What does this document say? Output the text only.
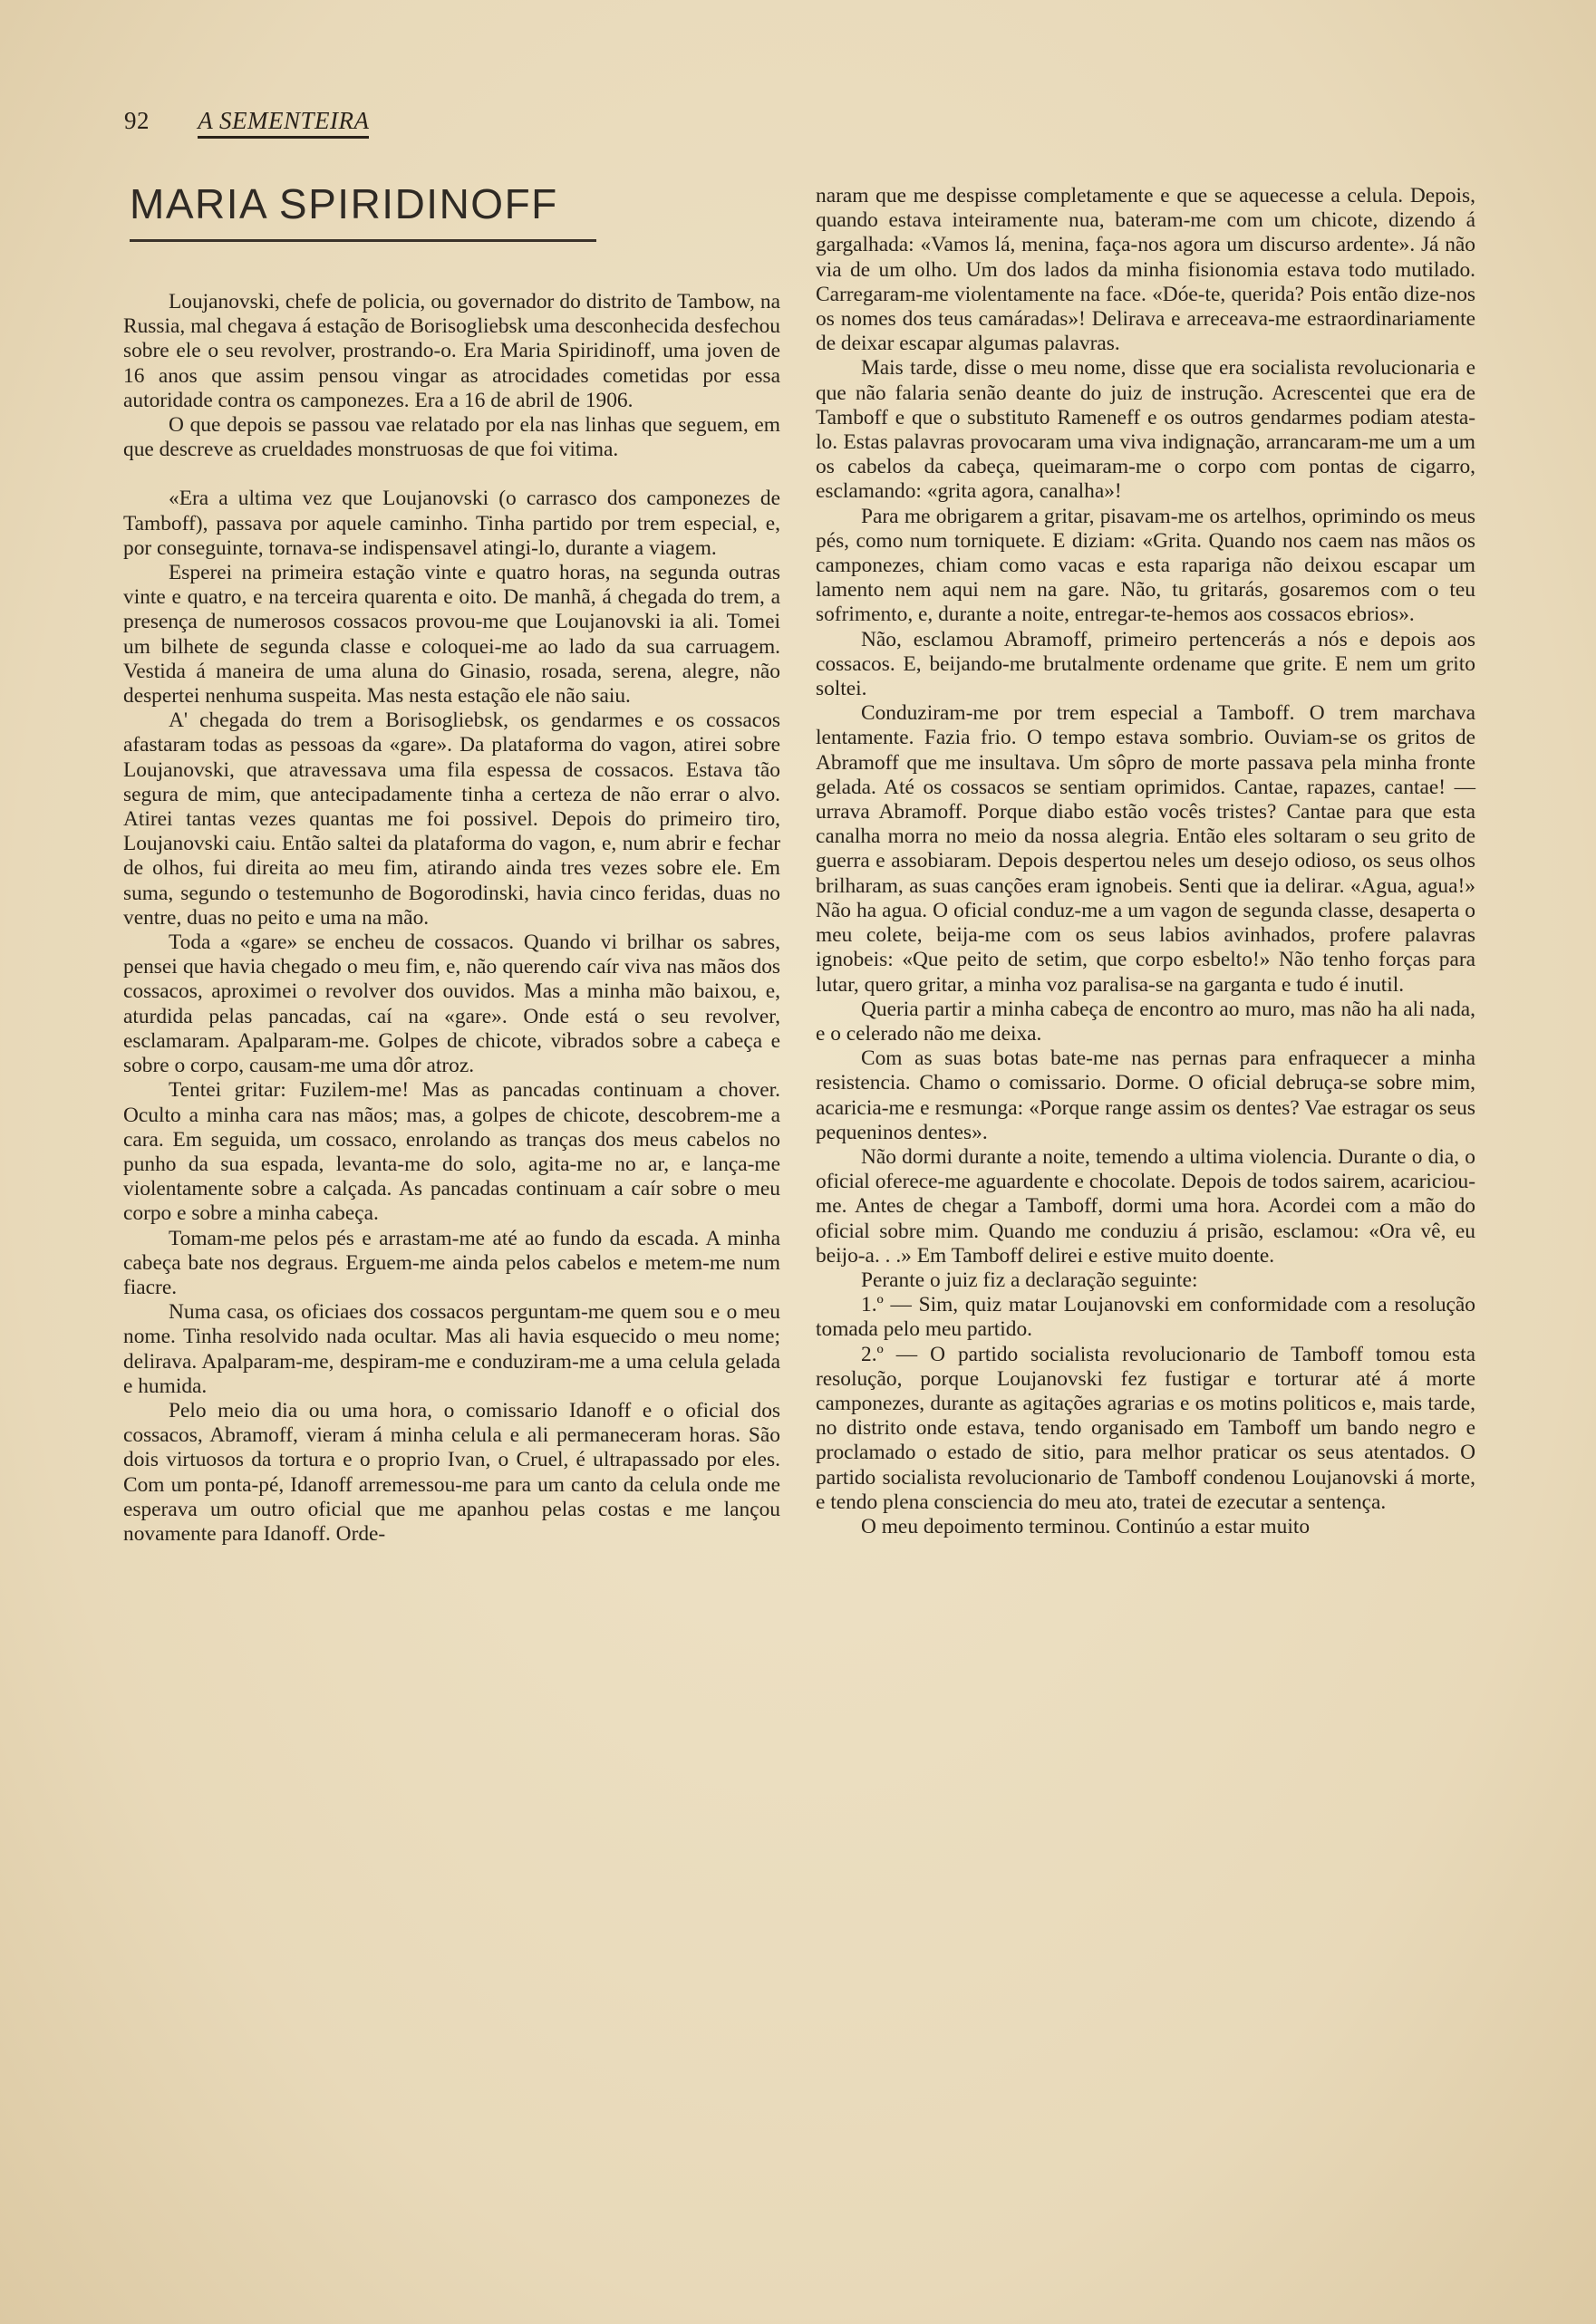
92 A SEMENTEIRA
MARIA SPIRIDINOFF

Loujanovski, chefe de policia, ou governador do distrito de Tambow, na Russia, mal chegava á estação de Borisogliebsk uma desconhecida desfechou sobre ele o seu revolver, prostrando-o. Era Maria Spiridinoff, uma joven de 16 anos que assim pensou vingar as atrocidades cometidas por essa autoridade contra os camponezes. Era a 16 de abril de 1906.

O que depois se passou vae relatado por ela nas linhas que seguem, em que descreve as crueldades monstruosas de que foi vitima.

«Era a ultima vez que Loujanovski (o carrasco dos camponezes de Tamboff), passava por aquele caminho. Tinha partido por trem especial, e, por conseguinte, tornava-se indispensavel atingi-lo, durante a viagem.

Esperei na primeira estação vinte e quatro horas, na segunda outras vinte e quatro, e na terceira quarenta e oito. De manhã, á chegada do trem, a presença de numerosos cossacos provou-me que Loujanovski ia ali. Tomei um bilhete de segunda classe e coloquei-me ao lado da sua carruagem. Vestida á maneira de uma aluna do Ginasio, rosada, serena, alegre, não despertei nenhuma suspeita. Mas nesta estação ele não saiu.

A' chegada do trem a Borisogliebsk, os gendarmes e os cossacos afastaram todas as pessoas da «gare». Da plataforma do vagon, atirei sobre Loujanovski, que atravessava uma fila espessa de cossacos. Estava tão segura de mim, que antecipadamente tinha a certeza de não errar o alvo. Atirei tantas vezes quantas me foi possivel. Depois do primeiro tiro, Loujanovski caiu. Então saltei da plataforma do vagon, e, num abrir e fechar de olhos, fui direita ao meu fim, atirando ainda tres vezes sobre ele. Em suma, segundo o testemunho de Bogorodinski, havia cinco feridas, duas no ventre, duas no peito e uma na mão.

Toda a «gare» se encheu de cossacos. Quando vi brilhar os sabres, pensei que havia chegado o meu fim, e, não querendo caír viva nas mãos dos cossacos, aproximei o revolver dos ouvidos. Mas a minha mão baixou, e, aturdida pelas pancadas, caí na «gare». Onde está o seu revolver, esclamaram. Apalparam-me. Golpes de chicote, vibrados sobre a cabeça e sobre o corpo, causam-me uma dôr atroz.

Tentei gritar: Fuzilem-me! Mas as pancadas continuam a chover. Oculto a minha cara nas mãos; mas, a golpes de chicote, descobrem-me a cara. Em seguida, um cossaco, enrolando as tranças dos meus cabelos no punho da sua espada, levanta-me do solo, agita-me no ar, e lança-me violentamente sobre a calçada. As pancadas continuam a caír sobre o meu corpo e sobre a minha cabeça.

Tomam-me pelos pés e arrastam-me até ao fundo da escada. A minha cabeça bate nos degraus. Erguem-me ainda pelos cabelos e metem-me num fiacre.

Numa casa, os oficiaes dos cossacos perguntam-me quem sou e o meu nome. Tinha resolvido nada ocultar. Mas ali havia esquecido o meu nome; delirava. Apalparam-me, despiram-me e conduziram-me a uma celula gelada e humida.

Pelo meio dia ou uma hora, o comissario Idanoff e o oficial dos cossacos, Abramoff, vieram á minha celula e ali permaneceram horas. São dois virtuosos da tortura e o proprio Ivan, o Cruel, é ultrapassado por eles. Com um ponta-pé, Idanoff arremessou-me para um canto da celula onde me esperava um outro oficial que me apanhou pelas costas e me lançou novamente para Idanoff. Orde-

naram que me despisse completamente e que se aquecesse a celula. Depois, quando estava inteiramente nua, bateram-me com um chicote, dizendo á gargalhada: «Vamos lá, menina, faça-nos agora um discurso ardente». Já não via de um olho. Um dos lados da minha fisionomia estava todo mutilado. Carregaram-me violentamente na face. «Dóe-te, querida? Pois então dize-nos os nomes dos teus camáradas»! Delirava e arreceava-me estraordinariamente de deixar escapar algumas palavras.

Mais tarde, disse o meu nome, disse que era socialista revolucionaria e que não falaria senão deante do juiz de instrução. Acrescentei que era de Tamboff e que o substituto Rameneff e os outros gendarmes podiam atesta-lo. Estas palavras provocaram uma viva indignação, arrancaram-me um a um os cabelos da cabeça, queimaram-me o corpo com pontas de cigarro, esclamando: «grita agora, canalha»!

Para me obrigarem a gritar, pisavam-me os artelhos, oprimindo os meus pés, como num torniquete. E diziam: «Grita. Quando nos caem nas mãos os camponezes, chiam como vacas e esta rapariga não deixou escapar um lamento nem aqui nem na gare. Não, tu gritarás, gosaremos com o teu sofrimento, e, durante a noite, entregar-te-hemos aos cossacos ebrios».

Não, esclamou Abramoff, primeiro pertencerás a nós e depois aos cossacos. E, beijando-me brutalmente ordename que grite. E nem um grito soltei.

Conduziram-me por trem especial a Tamboff. O trem marchava lentamente. Fazia frio. O tempo estava sombrio. Ouviam-se os gritos de Abramoff que me insultava. Um sôpro de morte passava pela minha fronte gelada. Até os cossacos se sentiam oprimidos. Cantae, rapazes, cantae! — urrava Abramoff. Porque diabo estão vocês tristes? Cantae para que esta canalha morra no meio da nossa alegria. Então eles soltaram o seu grito de guerra e assobiaram. Depois despertou neles um desejo odioso, os seus olhos brilharam, as suas canções eram ignobeis. Senti que ia delirar. «Agua, agua!» Não ha agua. O oficial conduz-me a um vagon de segunda classe, desaperta o meu colete, beija-me com os seus labios avinhados, profere palavras ignobeis: «Que peito de setim, que corpo esbelto!» Não tenho forças para lutar, quero gritar, a minha voz paralisa-se na garganta e tudo é inutil.

Queria partir a minha cabeça de encontro ao muro, mas não ha ali nada, e o celerado não me deixa.

Com as suas botas bate-me nas pernas para enfraquecer a minha resistencia. Chamo o comissario. Dorme. O oficial debruça-se sobre mim, acaricia-me e resmunga: «Porque range assim os dentes? Vae estragar os seus pequeninos dentes».

Não dormi durante a noite, temendo a ultima violencia. Durante o dia, o oficial oferece-me aguardente e chocolate. Depois de todos sairem, acariciou-me. Antes de chegar a Tamboff, dormi uma hora. Acordei com a mão do oficial sobre mim. Quando me conduziu á prisão, esclamou: «Ora vê, eu beijo-a. . .» Em Tamboff delirei e estive muito doente.

Perante o juiz fiz a declaração seguinte:

1.º — Sim, quiz matar Loujanovski em conformidade com a resolução tomada pelo meu partido.

2.º — O partido socialista revolucionario de Tamboff tomou esta resolução, porque Loujanovski fez fustigar e torturar até á morte camponezes, durante as agitações agrarias e os motins politicos e, mais tarde, no distrito onde estava, tendo organisado em Tamboff um bando negro e proclamado o estado de sitio, para melhor praticar os seus atentados. O partido socialista revolucionario de Tamboff condenou Loujanovski á morte, e tendo plena consciencia do meu ato, tratei de ezecutar a sentença.

O meu depoimento terminou. Continúo a estar muito
